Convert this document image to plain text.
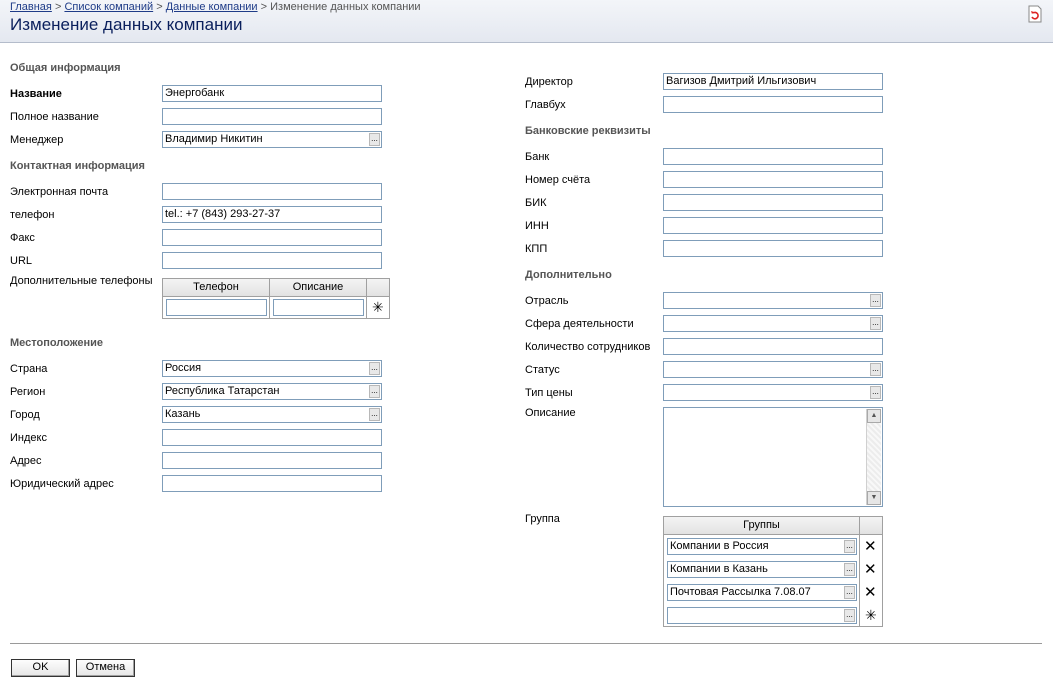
Главная > Список компаний > Данные компании > Изменение данных компании
Изменение данных компании
Общая информация
Название	Энергобанк
Полное название
Менеджер	Владимир Никитин	...
Контактная информация
Электронная почта
телефон	tel.: +7 (843) 293-27-37
Факс
URL
Дополнительные телефоны	Телефон	Описание
✳
Местоположение
Страна	Россия	...
Регион	Республика Татарстан	...
Город	Казань	...
Индекс
Адрес
Юридический адрес
Директор	Вагизов Дмитрий Ильгизович
Главбух
Банковские реквизиты
Банк
Номер счёта
БИК
ИНН
КПП
Дополнительно
Отрасль	...
Сфера деятельности	...
Количество сотрудников
Статус	...
Тип цены	...
Описание	▲
▼
Группа	Группы
Компании в Россия	... ✕
Компании в Казань	... ✕
Почтовая Рассылка 7.08.07	... ✕
... ✳
OK	Отмена
